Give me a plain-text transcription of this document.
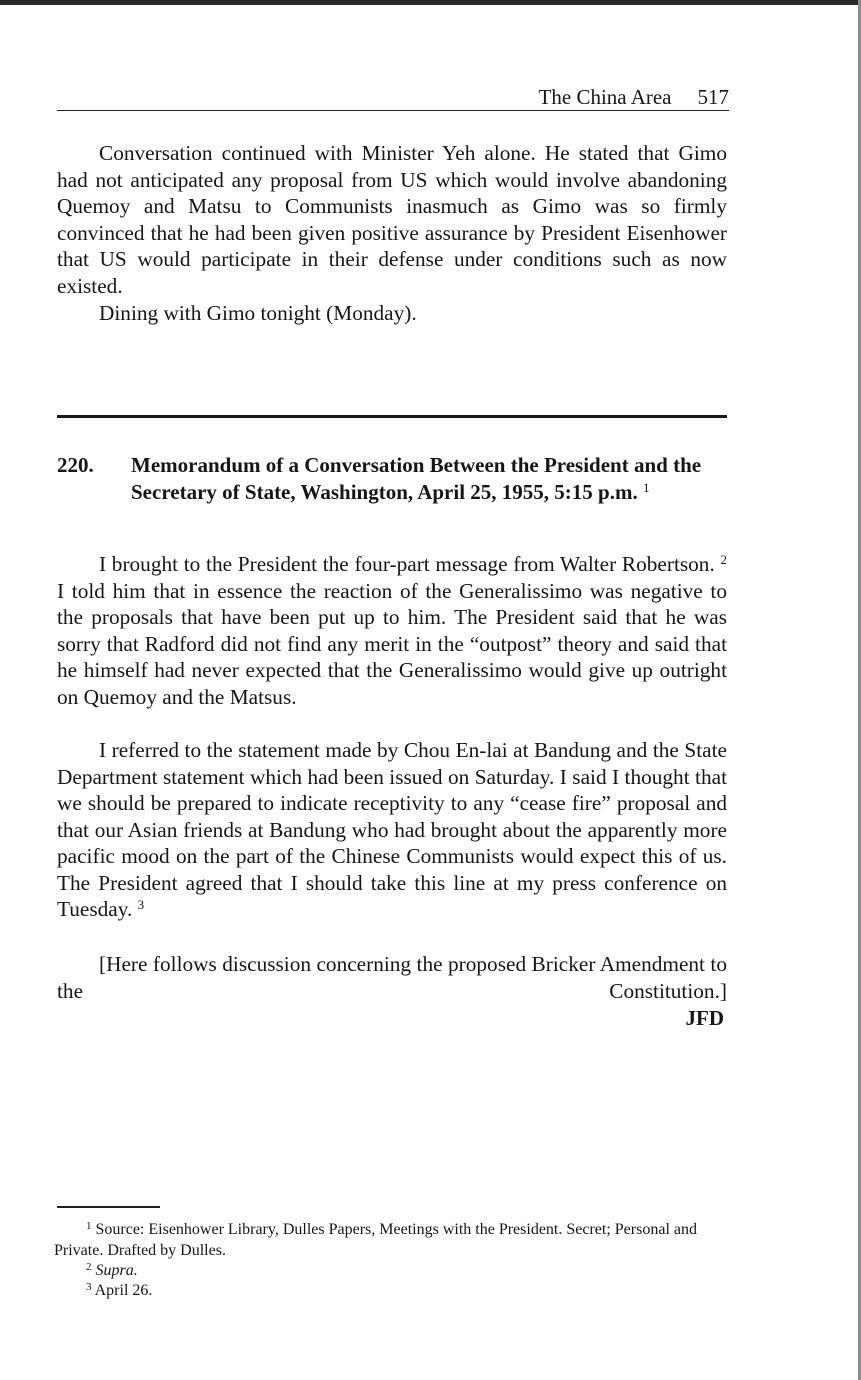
The China Area 517

Conversation continued with Minister Yeh alone. He stated that Gimo had not anticipated any proposal from US which would involve abandoning Quemoy and Matsu to Communists inasmuch as Gimo was so firmly convinced that he had been given positive assurance by President Eisenhower that US would participate in their defense under conditions such as now existed.

Dining with Gimo tonight (Monday).

220. Memorandum of a Conversation Between the President and the Secretary of State, Washington, April 25, 1955, 5:15 p.m. $^1$

I brought to the President the four-part message from Walter Robertson. $^2$ I told him that in essence the reaction of the Generalissimo was negative to the proposals that have been put up to him. The President said that he was sorry that Radford did not find any merit in the “outpost” theory and said that he himself had never expected that the Generalissimo would give up outright on Quemoy and the Matsus.

I referred to the statement made by Chou En-lai at Bandung and the State Department statement which had been issued on Saturday. I said I thought that we should be prepared to indicate receptivity to any “cease fire” proposal and that our Asian friends at Bandung who had brought about the apparently more pacific mood on the part of the Chinese Communists would expect this of us. The President agreed that I should take this line at my press conference on Tuesday. $^3$

[Here follows discussion concerning the proposed Bricker Amendment to the Constitution.]

JFD

$^1$ Source: Eisenhower Library, Dulles Papers, Meetings with the President. Secret; Personal and Private. Drafted by Dulles.

$^2$ Supra.

$^3$ April 26.
